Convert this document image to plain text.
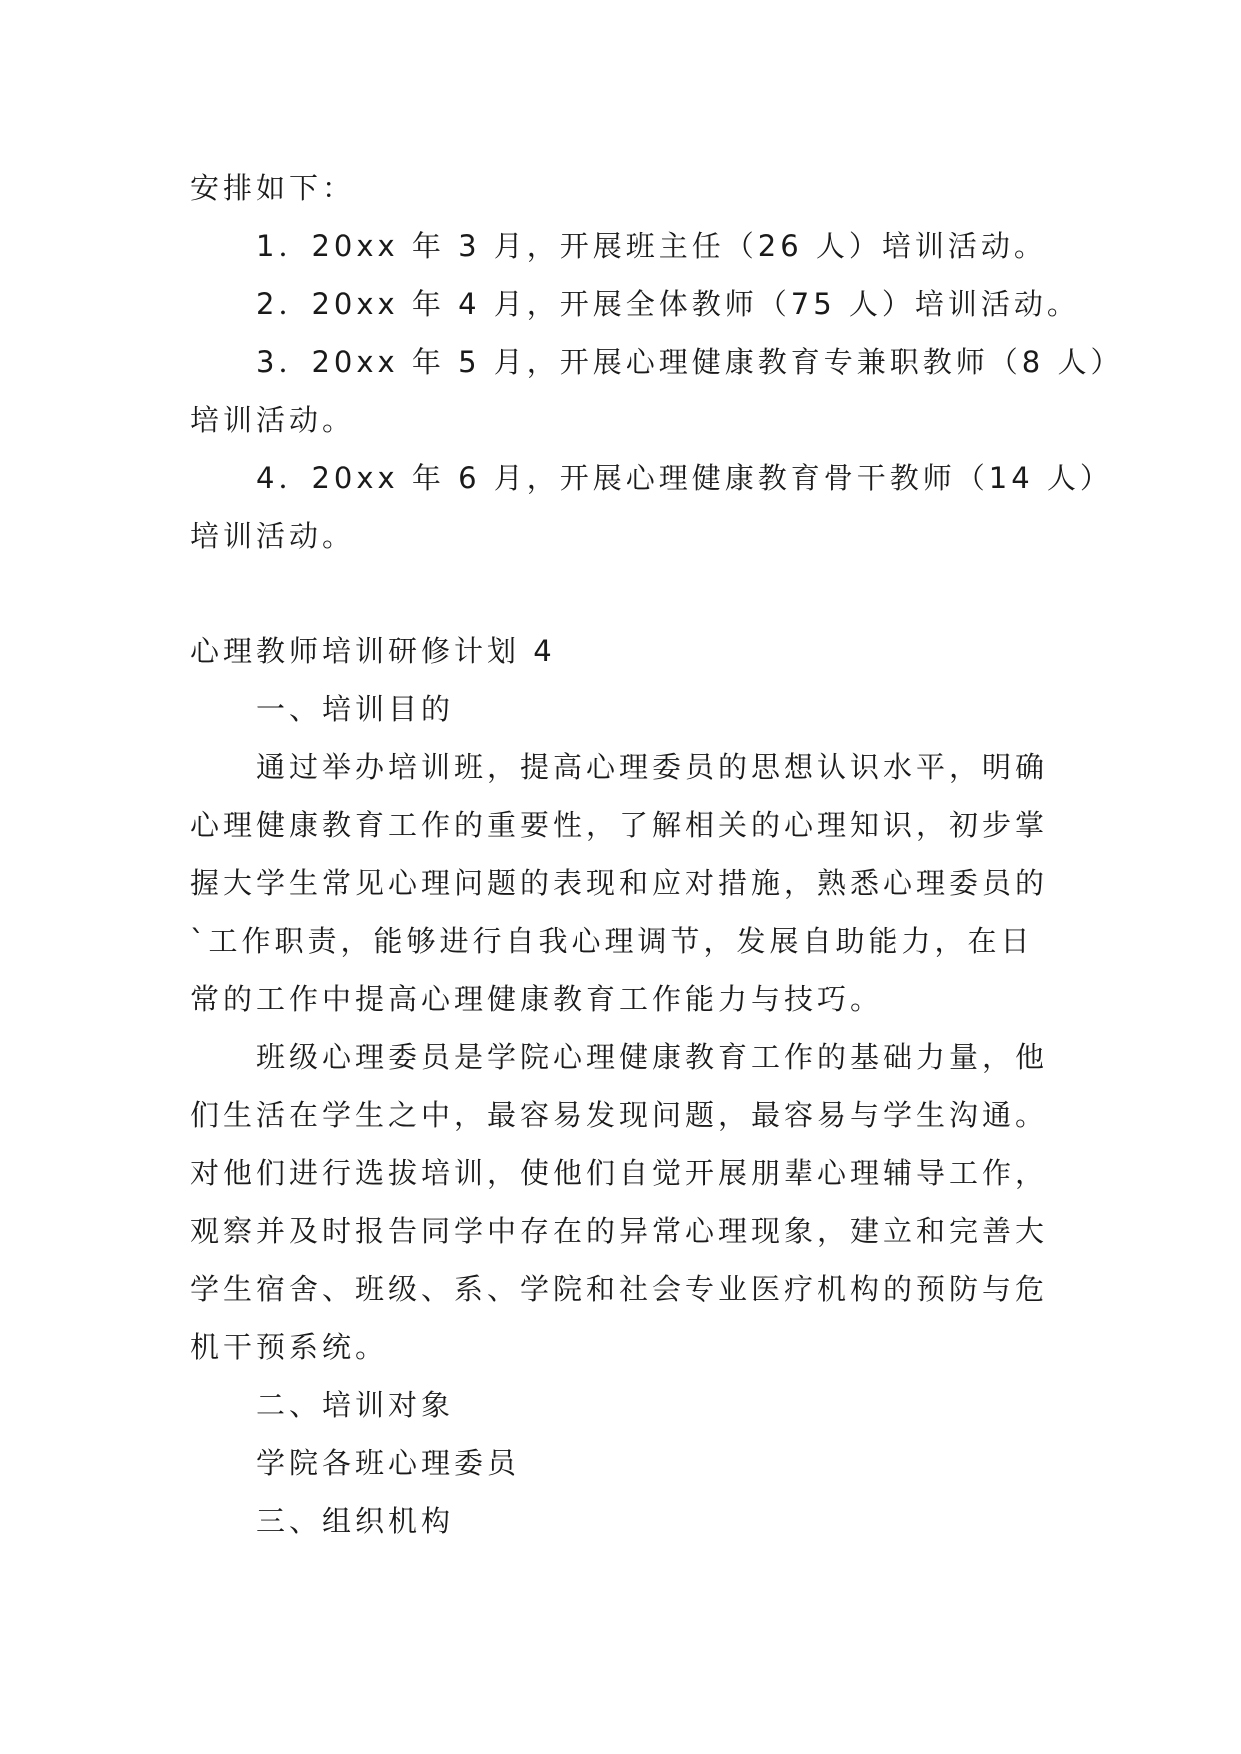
安排如下：
1．20xx 年 3 月，开展班主任（26 人）培训活动。
2．20xx 年 4 月，开展全体教师（75 人）培训活动。
3．20xx 年 5 月，开展心理健康教育专兼职教师（8 人）
培训活动。
4．20xx 年 6 月，开展心理健康教育骨干教师（14 人）
培训活动。
心理教师培训研修计划 4
一、培训目的
通过举办培训班，提高心理委员的思想认识水平，明确
心理健康教育工作的重要性，了解相关的心理知识，初步掌
握大学生常见心理问题的表现和应对措施，熟悉心理委员的
`工作职责，能够进行自我心理调节，发展自助能力，在日
常的工作中提高心理健康教育工作能力与技巧。
班级心理委员是学院心理健康教育工作的基础力量，他
们生活在学生之中，最容易发现问题，最容易与学生沟通。
对他们进行选拔培训，使他们自觉开展朋辈心理辅导工作，
观察并及时报告同学中存在的异常心理现象，建立和完善大
学生宿舍、班级、系、学院和社会专业医疗机构的预防与危
机干预系统。
二、培训对象
学院各班心理委员
三、组织机构
